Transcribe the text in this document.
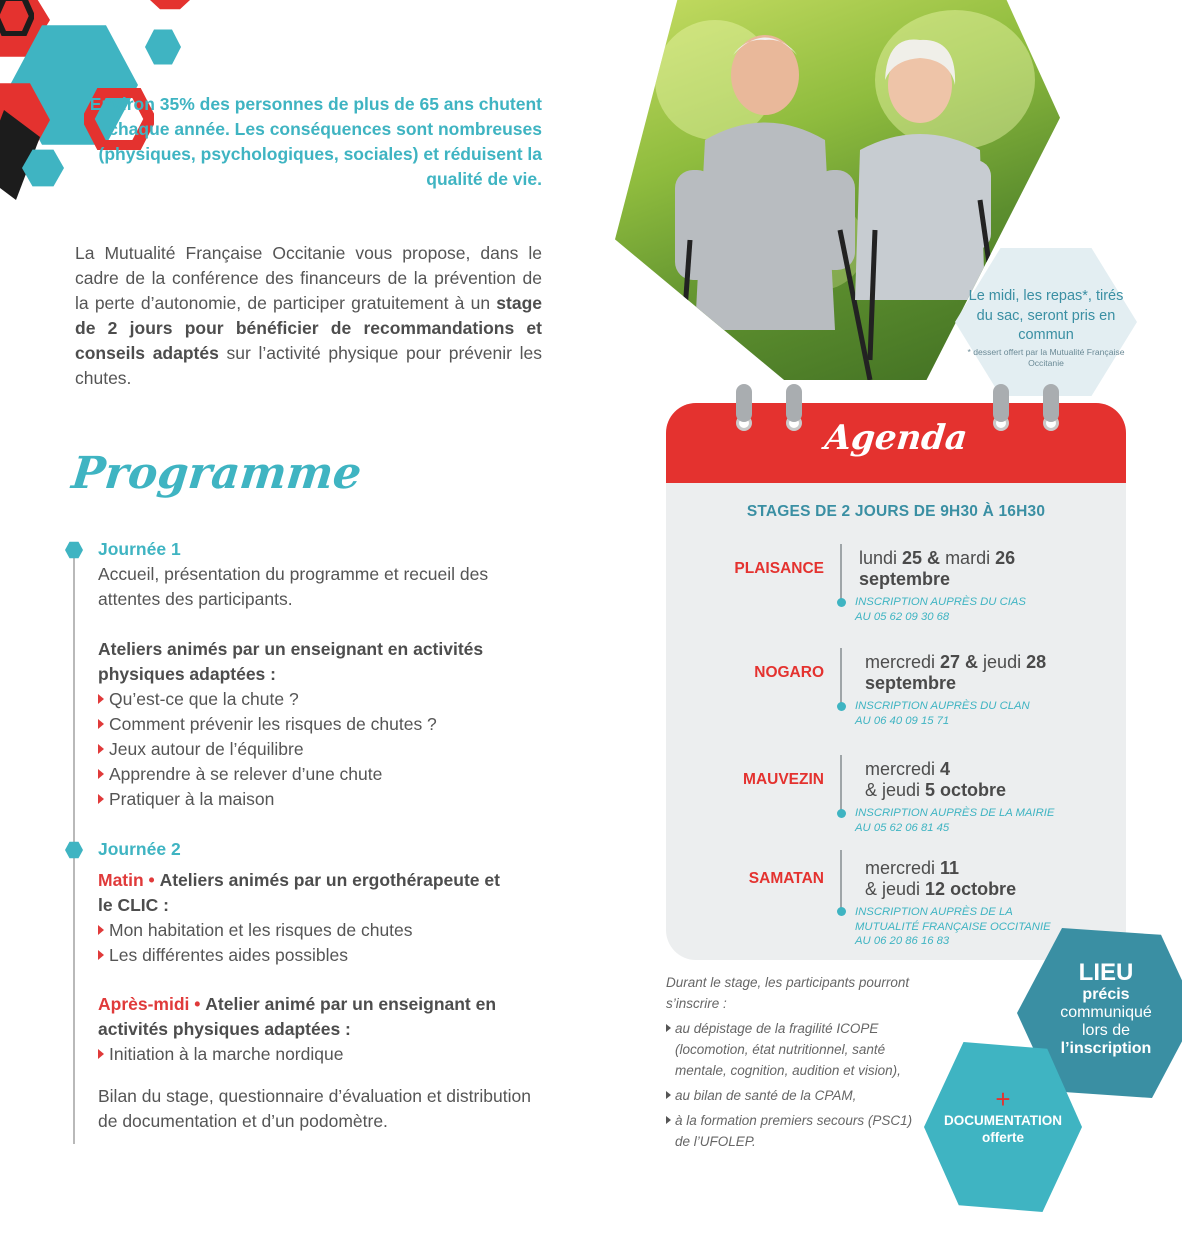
Environ 35% des personnes de plus de 65 ans chutent chaque année. Les conséquences sont nombreuses (physiques, psychologiques, sociales) et réduisent la qualité de vie.
La Mutualité Française Occitanie vous propose, dans le cadre de la conférence des financeurs de la prévention de la perte d’autonomie, de participer gratuitement à un stage de 2 jours pour bénéficier de recommandations et conseils adaptés sur l’activité physique pour prévenir les chutes.
Programme
Journée 1
Accueil, présentation du programme et recueil des attentes des participants.
Ateliers animés par un enseignant en activités physiques adaptées :
Qu’est-ce que la chute ?
Comment prévenir les risques de chutes ?
Jeux autour de l’équilibre
Apprendre à se relever d’une chute
Pratiquer à la maison
Journée 2
Matin • Ateliers animés par un ergothérapeute et le CLIC :
Mon habitation et les risques de chutes
Les différentes aides possibles
Après-midi • Atelier animé par un enseignant en activités physiques adaptées :
Initiation à la marche nordique
Bilan du stage, questionnaire d’évaluation et distribution de documentation et d’un podomètre.
Le midi, les repas*, tirés du sac, seront pris en commun
* dessert offert par la Mutualité Française Occitanie
Agenda
STAGES DE 2 JOURS DE 9H30 À 16H30
PLAISANCE
lundi 25 & mardi 26
septembre
INSCRIPTION AUPRÈS DU CIAS
AU 05 62 09 30 68
NOGARO
mercredi 27 & jeudi 28
septembre
INSCRIPTION AUPRÈS DU CLAN
AU 06 40 09 15 71
MAUVEZIN
mercredi 4
& jeudi 5 octobre
INSCRIPTION AUPRÈS DE LA MAIRIE
AU 05 62 06 81 45
SAMATAN
mercredi 11
& jeudi 12 octobre
INSCRIPTION AUPRÈS DE LA
MUTUALITÉ FRANÇAISE OCCITANIE
AU 06 20 86 16 83
Durant le stage, les participants pourront s’inscrire :
au dépistage de la fragilité ICOPE (locomotion, état nutritionnel, santé mentale, cognition, audition et vision),
au bilan de santé de la CPAM,
à la formation premiers secours (PSC1) de l’UFOLEP.
LIEU
précis
communiqué
lors de
l’inscription
+
DOCUMENTATION
offerte
